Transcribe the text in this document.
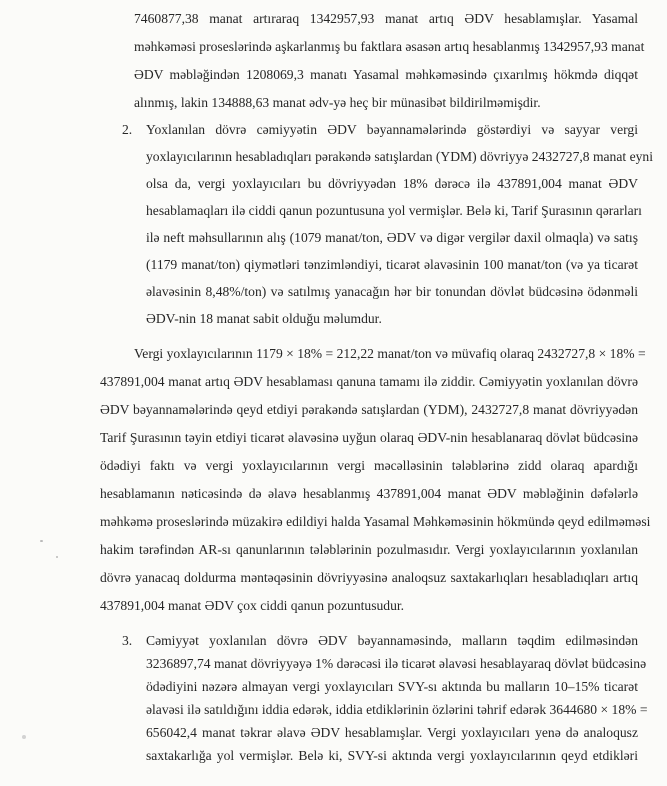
7460877,38 manat artıraraq 1342957,93 manat artıq ƏDV hesablamışlar. Yasamal
məhkəməsi proseslərində aşkarlanmış bu faktlara əsasən artıq hesablanmış 1342957,93 manat
ƏDV məbləğindən 1208069,3 manatı Yasamal məhkəməsində çıxarılmış hökmdə diqqət
alınmış, lakin 134888,63 manat ədv-yə heç bir münasibət bildirilməmişdir.
2. Yoxlanılan dövrə cəmiyyətin ƏDV bəyannamələrində göstərdiyi və sayyar vergi
yoxlayıcılarının hesabladıqları pərakəndə satışlardan (YDM) dövriyyə 2432727,8 manat eyni
olsa da, vergi yoxlayıcıları bu dövriyyədən 18% dərəcə ilə 437891,004 manat ƏDV
hesablamaqları ilə ciddi qanun pozuntusuna yol vermişlər. Belə ki, Tarif Şurasının qərarları
ilə neft məhsullarının alış (1079 manat/ton, ƏDV və digər vergilər daxil olmaqla) və satış
(1179 manat/ton) qiymətləri tənzimləndiyi, ticarət əlavəsinin 100 manat/ton (və ya ticarət
əlavəsinin 8,48%/ton) və satılmış yanacağın hər bir tonundan dövlət büdcəsinə ödənməli
ƏDV-nin 18 manat sabit olduğu məlumdur.
Vergi yoxlayıcılarının 1179 × 18% = 212,22 manat/ton və müvafiq olaraq 2432727,8 × 18% =
437891,004 manat artıq ƏDV hesablaması qanuna tamamı ilə ziddir. Cəmiyyətin yoxlanılan dövrə
ƏDV bəyannamələrində qeyd etdiyi pərakəndə satışlardan (YDM), 2432727,8 manat dövriyyədən
Tarif Şurasının təyin etdiyi ticarət əlavəsinə uyğun olaraq ƏDV-nin hesablanaraq dövlət büdcəsinə
ödədiyi faktı və vergi yoxlayıcılarının vergi məcəlləsinin tələblərinə zidd olaraq apardığı
hesablamanın nəticəsində də əlavə hesablanmış 437891,004 manat ƏDV məbləğinin dəfələrlə
məhkəmə proseslərində müzakirə edildiyi halda Yasamal Məhkəməsinin hökmündə qeyd edilməməsi
hakim tərəfindən AR-sı qanunlarının tələblərinin pozulmasıdır. Vergi yoxlayıcılarının yoxlanılan
dövrə yanacaq doldurma məntəqəsinin dövriyyəsinə analoqsuz saxtakarlıqları hesabladıqları artıq
437891,004 manat ƏDV çox ciddi qanun pozuntusudur.
3. Cəmiyyət yoxlanılan dövrə ƏDV bəyannaməsində, malların təqdim edilməsindən
3236897,74 manat dövriyyəyə 1% dərəcəsi ilə ticarət əlavəsi hesablayaraq dövlət büdcəsinə
ödədiyini nəzərə almayan vergi yoxlayıcıları SVY-sı aktında bu malların 10–15% ticarət
əlavəsi ilə satıldığını iddia edərək, iddia etdiklərinin özlərini təhrif edərək 3644680 × 18% =
656042,4 manat təkrar əlavə ƏDV hesablamışlar. Vergi yoxlayıcıları yenə də analoqusz
saxtakarlığa yol vermişlər. Belə ki, SVY-si aktında vergi yoxlayıcılarının qeyd etdikləri
